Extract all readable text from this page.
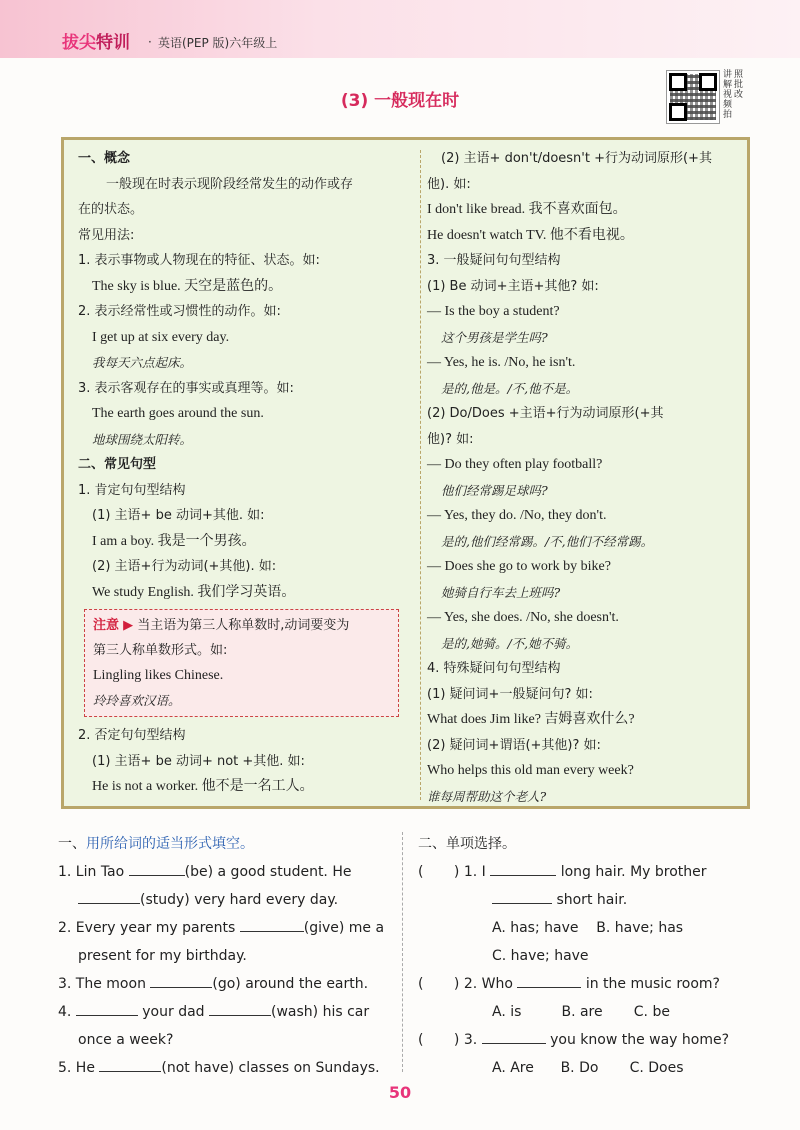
拔尖特训 · 英语(PEP 版)六年级上
(3) 一般现在时
讲
解
视
频
拍
照
批
改
一、概念
一般现在时表示现阶段经常发生的动作或存
在的状态。
常见用法:
1. 表示事物或人物现在的特征、状态。如:
The sky is blue. 天空是蓝色的。
2. 表示经常性或习惯性的动作。如:
I get up at six every day.
我每天六点起床。
3. 表示客观存在的事实或真理等。如:
The earth goes around the sun.
地球围绕太阳转。
二、常见句型
1. 肯定句句型结构
(1) 主语+ be 动词+其他. 如:
I am a boy. 我是一个男孩。
(2) 主语+行为动词(+其他). 如:
We study English. 我们学习英语。
注意 ▶ 当主语为第三人称单数时,动词要变为
第三人称单数形式。如:
Lingling likes Chinese.
玲玲喜欢汉语。
2. 否定句句型结构
(1) 主语+ be 动词+ not +其他. 如:
He is not a worker. 他不是一名工人。
(2) 主语+ don't/doesn't +行为动词原形(+其
他). 如:
I don't like bread. 我不喜欢面包。
He doesn't watch TV. 他不看电视。
3. 一般疑问句句型结构
(1) Be 动词+主语+其他? 如:
— Is the boy a student?
这个男孩是学生吗?
— Yes, he is. /No, he isn't.
是的,他是。/不,他不是。
(2) Do/Does +主语+行为动词原形(+其
他)? 如:
— Do they often play football?
他们经常踢足球吗?
— Yes, they do. /No, they don't.
是的,他们经常踢。/不,他们不经常踢。
— Does she go to work by bike?
她骑自行车去上班吗?
— Yes, she does. /No, she doesn't.
是的,她骑。/不,她不骑。
4. 特殊疑问句句型结构
(1) 疑问词+一般疑问句? 如:
What does Jim like? 吉姆喜欢什么?
(2) 疑问词+谓语(+其他)? 如:
Who helps this old man every week?
谁每周帮助这个老人?
一、用所给词的适当形式填空。
1. Lin Tao	(be) a good student. He
(study) very hard every day.
2. Every year my parents	(give) me a
present for my birthday.
3. The moon	(go) around the earth.
4.	your dad	(wash) his car
once a week?
5. He	(not have) classes on Sundays.
二、单项选择。
( ) 1. I	long hair. My brother
short hair.
A. has; have    B. have; has
C. have; have
( ) 2. Who	in the music room?
A. is         B. are       C. be
( ) 3.	you know the way home?
A. Are      B. Do       C. Does
50
